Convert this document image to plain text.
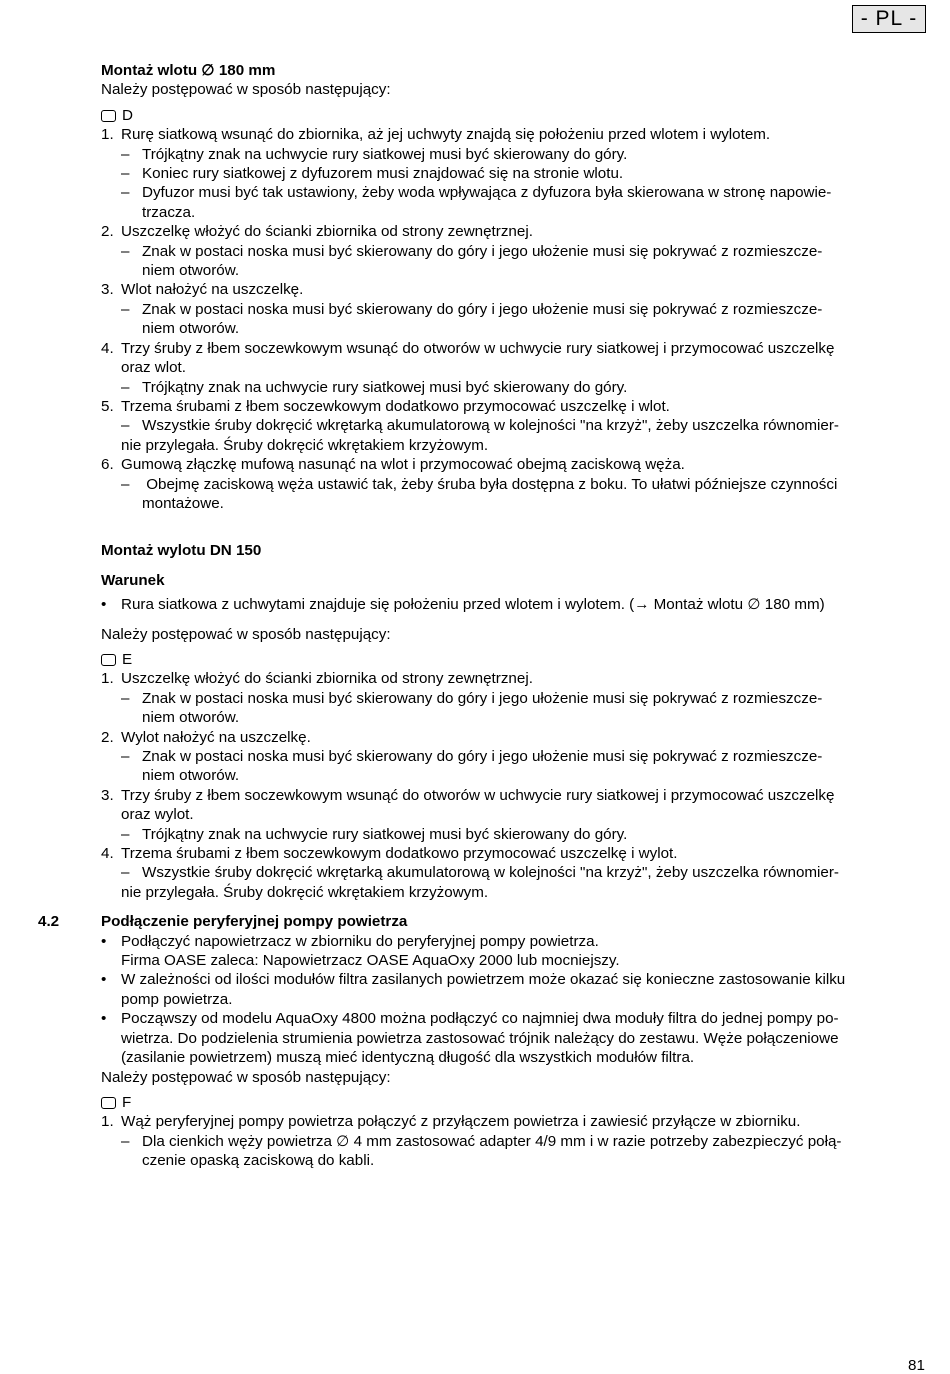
- PL -
Montaż wlotu ∅ 180 mm
Należy postępować w sposób następujący:
D
1. Rurę siatkową wsunąć do zbiornika, aż jej uchwyty znajdą się położeniu przed wlotem i wylotem.
– Trójkątny znak na uchwycie rury siatkowej musi być skierowany do góry.
– Koniec rury siatkowej z dyfuzorem musi znajdować się na stronie wlotu.
– Dyfuzor musi być tak ustawiony, żeby woda wpływająca z dyfuzora była skierowana w stronę napowie-
trzacza.
2. Uszczelkę włożyć do ścianki zbiornika od strony zewnętrznej.
– Znak w postaci noska musi być skierowany do góry i jego ułożenie musi się pokrywać z rozmieszcze-
niem otworów.
3. Wlot nałożyć na uszczelkę.
– Znak w postaci noska musi być skierowany do góry i jego ułożenie musi się pokrywać z rozmieszcze-
niem otworów.
4. Trzy śruby z łbem soczewkowym wsunąć do otworów w uchwycie rury siatkowej i przymocować uszczelkę
oraz wlot.
– Trójkątny znak na uchwycie rury siatkowej musi być skierowany do góry.
5. Trzema śrubami z łbem soczewkowym dodatkowo przymocować uszczelkę i wlot.
– Wszystkie śruby dokręcić wkrętarką akumulatorową w kolejności "na krzyż", żeby uszczelka równomier-
nie przylegała. Śruby dokręcić wkrętakiem krzyżowym.
6. Gumową złączkę mufową nasunąć na wlot i przymocować obejmą zaciskową węża.
– Obejmę zaciskową węża ustawić tak, żeby śruba była dostępna z boku. To ułatwi późniejsze czynności
montażowe.
Montaż wylotu DN 150
Warunek
• Rura siatkowa z uchwytami znajduje się położeniu przed wlotem i wylotem. (→ Montaż wlotu ∅ 180 mm)
Należy postępować w sposób następujący:
E
1. Uszczelkę włożyć do ścianki zbiornika od strony zewnętrznej.
– Znak w postaci noska musi być skierowany do góry i jego ułożenie musi się pokrywać z rozmieszcze-
niem otworów.
2. Wylot nałożyć na uszczelkę.
– Znak w postaci noska musi być skierowany do góry i jego ułożenie musi się pokrywać z rozmieszcze-
niem otworów.
3. Trzy śruby z łbem soczewkowym wsunąć do otworów w uchwycie rury siatkowej i przymocować uszczelkę
oraz wylot.
– Trójkątny znak na uchwycie rury siatkowej musi być skierowany do góry.
4. Trzema śrubami z łbem soczewkowym dodatkowo przymocować uszczelkę i wylot.
– Wszystkie śruby dokręcić wkrętarką akumulatorową w kolejności "na krzyż", żeby uszczelka równomier-
nie przylegała. Śruby dokręcić wkrętakiem krzyżowym.
4.2	Podłączenie peryferyjnej pompy powietrza
• Podłączyć napowietrzacz w zbiorniku do peryferyjnej pompy powietrza.
Firma OASE zaleca: Napowietrzacz OASE AquaOxy 2000 lub mocniejszy.
• W zależności od ilości modułów filtra zasilanych powietrzem może okazać się konieczne zastosowanie kilku
pomp powietrza.
• Począwszy od modelu AquaOxy 4800 można podłączyć co najmniej dwa moduły filtra do jednej pompy po-
wietrza. Do podzielenia strumienia powietrza zastosować trójnik należący do zestawu. Węże połączeniowe
(zasilanie powietrzem) muszą mieć identyczną długość dla wszystkich modułów filtra.
Należy postępować w sposób następujący:
F
1. Wąż peryferyjnej pompy powietrza połączyć z przyłączem powietrza i zawiesić przyłącze w zbiorniku.
– Dla cienkich węży powietrza ∅ 4 mm zastosować adapter 4/9 mm i w razie potrzeby zabezpieczyć połą-
czenie opaską zaciskową do kabli.
81
